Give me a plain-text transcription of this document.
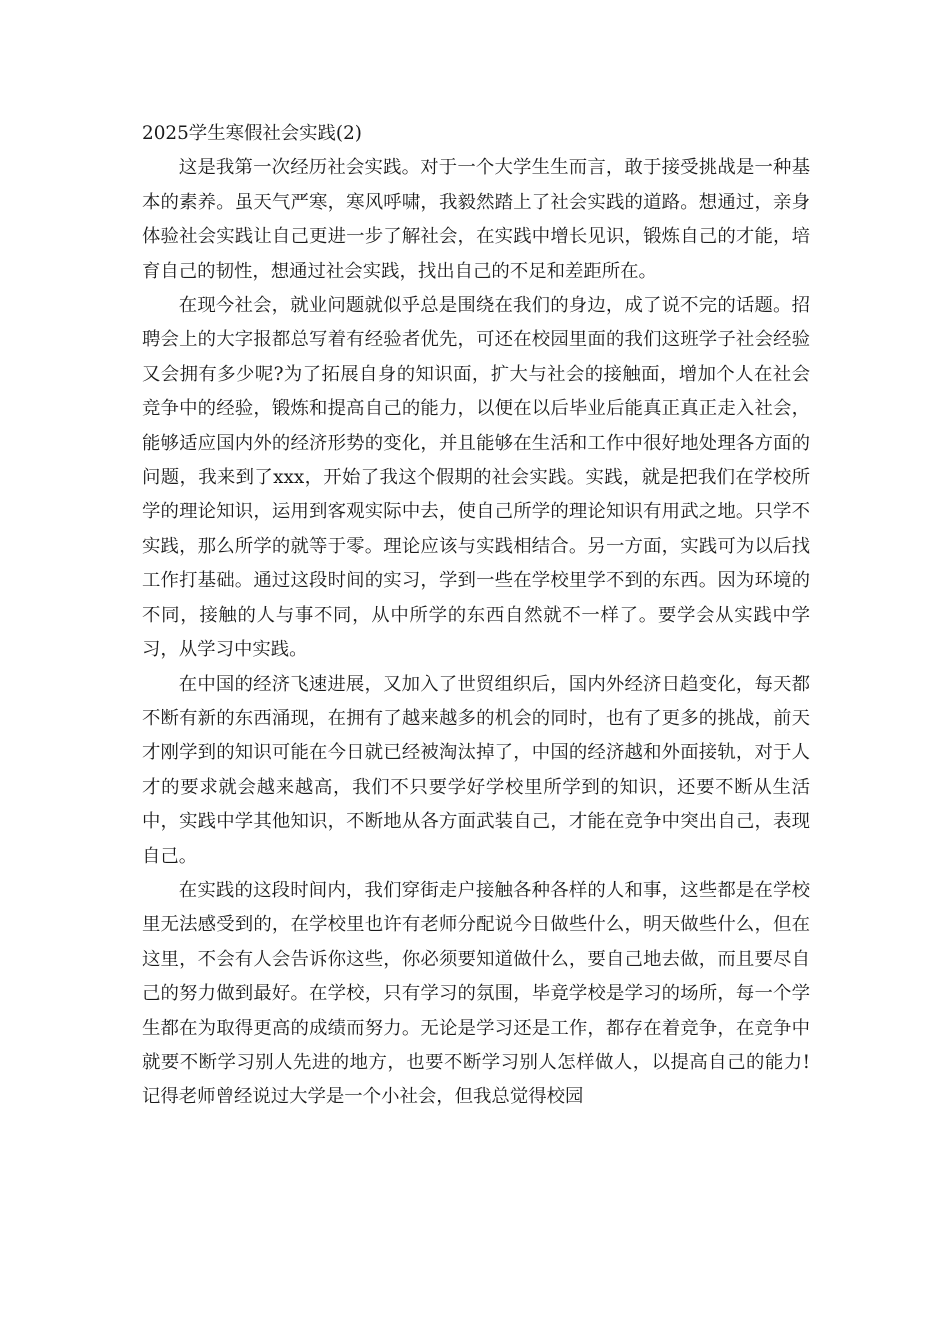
2025学生寒假社会实践(2)

这是我第一次经历社会实践。对于一个大学生生而言，敢于接受挑战是一种基本的素养。虽天气严寒，寒风呼啸，我毅然踏上了社会实践的道路。想通过，亲身体验社会实践让自己更进一步了解社会，在实践中增长见识，锻炼自己的才能，培育自己的韧性，想通过社会实践，找出自己的不足和差距所在。

在现今社会，就业问题就似乎总是围绕在我们的身边，成了说不完的话题。招聘会上的大字报都总写着有经验者优先，可还在校园里面的我们这班学子社会经验又会拥有多少呢?为了拓展自身的知识面，扩大与社会的接触面，增加个人在社会竞争中的经验，锻炼和提高自己的能力，以便在以后毕业后能真正真正走入社会，能够适应国内外的经济形势的变化，并且能够在生活和工作中很好地处理各方面的问题，我来到了xxx，开始了我这个假期的社会实践。实践，就是把我们在学校所学的理论知识，运用到客观实际中去，使自己所学的理论知识有用武之地。只学不实践，那么所学的就等于零。理论应该与实践相结合。另一方面，实践可为以后找工作打基础。通过这段时间的实习，学到一些在学校里学不到的东西。因为环境的不同，接触的人与事不同，从中所学的东西自然就不一样了。要学会从实践中学习，从学习中实践。

在中国的经济飞速进展，又加入了世贸组织后，国内外经济日趋变化，每天都不断有新的东西涌现，在拥有了越来越多的机会的同时，也有了更多的挑战，前天才刚学到的知识可能在今日就已经被淘汰掉了，中国的经济越和外面接轨，对于人才的要求就会越来越高，我们不只要学好学校里所学到的知识，还要不断从生活中，实践中学其他知识，不断地从各方面武装自己，才能在竞争中突出自己，表现自己。

在实践的这段时间内，我们穿街走户接触各种各样的人和事，这些都是在学校里无法感受到的，在学校里也许有老师分配说今日做些什么，明天做些什么，但在这里，不会有人会告诉你这些，你必须要知道做什么，要自己地去做，而且要尽自己的努力做到最好。在学校，只有学习的氛围，毕竟学校是学习的场所，每一个学生都在为取得更高的成绩而努力。无论是学习还是工作，都存在着竞争，在竞争中就要不断学习别人先进的地方，也要不断学习别人怎样做人，以提高自己的能力!记得老师曾经说过大学是一个小社会，但我总觉得校园
